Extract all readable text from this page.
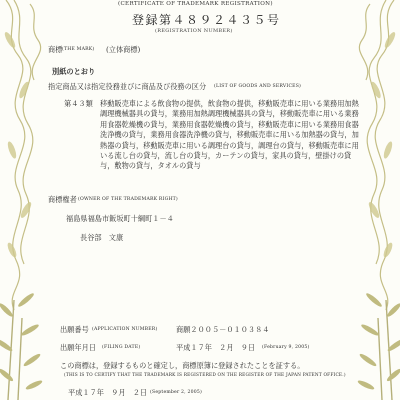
(CERTIFICATE OF TRADEMARK REGISTRATION)
登録第４８９２４３５号
(REGISTRATION NUMBER)
商標 (THE MARK) (立体商標)
別紙のとおり
指定商品又は指定役務並びに商品及び役務の区分 (LIST OF GOODS AND SERVICES)
第４３類 移動販売車による飲食物の提供，飲食物の提供，移動販売車に用いる業務用加熱調理機械器具の貸与，業務用加熱調理機械器具の貸与，移動販売車に用いる業務用食器乾燥機の貸与，業務用食器乾燥機の貸与，移動販売車に用いる業務用食器洗浄機の貸与，業務用食器洗浄機の貸与，移動販売車に用いる加熱器の貸与，加熱器の貸与，移動販売車に用いる調理台の貸与，調理台の貸与，移動販売車に用いる流し台の貸与，流し台の貸与，カーテンの貸与，家具の貸与，壁掛けの貸与，敷物の貸与，タオルの貸与
商標権者 (OWNER OF THE TRADEMARK RIGHT)
福島県福島市飯坂町十綱町１－４
長谷部　文康
出願番号 (APPLICATION NUMBER)	商願２００５－０１０３８４
出願年月日 (FILING DATE)	平成１７年　２月　９日 (February 9, 2005)
この商標は，登録するものと確定し，商標原簿に登録されたことを証する。
(THIS IS TO CERTIFY THAT THE TRADEMARK IS REGISTERED ON THE REGISTER OF THE JAPAN PATENT OFFICE.)
平成１７年　９月　２日 (September 2, 2005)
